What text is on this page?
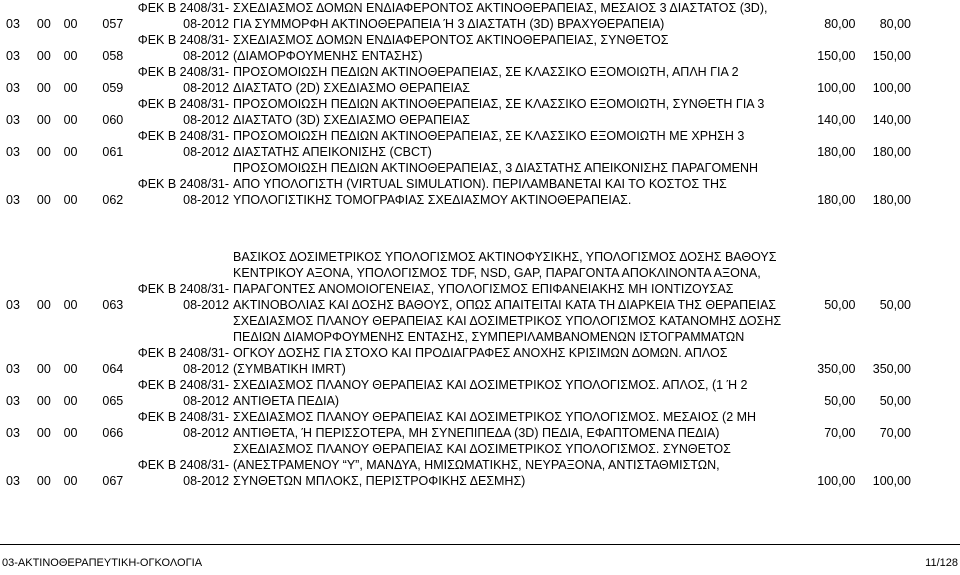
03	00	00	057	ΦΕΚ Β 2408/31-
08-2012	ΣΧΕΔΙΑΣΜΟΣ ΔΟΜΩΝ ΕΝΔΙΑΦΕΡΟΝΤΟΣ ΑΚΤΙΝΟΘΕΡΑΠΕΙΑΣ, ΜΕΣΑΙΟΣ 3 ΔΙΑΣΤΑΤΟΣ (3D), ΓΙΑ ΣΥΜΜΟΡΦΗ ΑΚΤΙΝΟΘΕΡΑΠΕΙΑ Ή 3 ΔΙΑΣΤΑΤΗ (3D) ΒΡΑΧΥΘΕΡΑΠΕΙΑ)	80,00	80,00
03	00	00	058	ΦΕΚ Β 2408/31-
08-2012	ΣΧΕΔΙΑΣΜΟΣ ΔΟΜΩΝ ΕΝΔΙΑΦΕΡΟΝΤΟΣ ΑΚΤΙΝΟΘΕΡΑΠΕΙΑΣ, ΣΥΝΘΕΤΟΣ (ΔΙΑΜΟΡΦΟΥΜΕΝΗΣ ΕΝΤΑΣΗΣ)	150,00	150,00
03	00	00	059	ΦΕΚ Β 2408/31-
08-2012	ΠΡΟΣΟΜΟΙΩΣΗ ΠΕΔΙΩΝ ΑΚΤΙΝΟΘΕΡΑΠΕΙΑΣ, ΣΕ ΚΛΑΣΣΙΚΟ ΕΞΟΜΟΙΩΤΗ, ΑΠΛΗ ΓΙΑ 2 ΔΙΑΣΤΑΤΟ (2D) ΣΧΕΔΙΑΣΜΟ ΘΕΡΑΠΕΙΑΣ	100,00	100,00
03	00	00	060	ΦΕΚ Β 2408/31-
08-2012	ΠΡΟΣΟΜΟΙΩΣΗ ΠΕΔΙΩΝ ΑΚΤΙΝΟΘΕΡΑΠΕΙΑΣ, ΣΕ ΚΛΑΣΣΙΚΟ ΕΞΟΜΟΙΩΤΗ, ΣΥΝΘΕΤΗ ΓΙΑ 3 ΔΙΑΣΤΑΤΟ (3D) ΣΧΕΔΙΑΣΜΟ ΘΕΡΑΠΕΙΑΣ	140,00	140,00
03	00	00	061	ΦΕΚ Β 2408/31-
08-2012	ΠΡΟΣΟΜΟΙΩΣΗ ΠΕΔΙΩΝ ΑΚΤΙΝΟΘΕΡΑΠΕΙΑΣ, ΣΕ ΚΛΑΣΣΙΚΟ ΕΞΟΜΟΙΩΤΗ ΜΕ ΧΡΗΣΗ 3 ΔΙΑΣΤΑΤΗΣ ΑΠΕΙΚΟΝΙΣΗΣ (CBCT)	180,00	180,00
03	00	00	062	ΦΕΚ Β 2408/31-
08-2012	ΠΡΟΣΟΜΟΙΩΣΗ ΠΕΔΙΩΝ ΑΚΤΙΝΟΘΕΡΑΠΕΙΑΣ, 3 ΔΙΑΣΤΑΤΗΣ ΑΠΕΙΚΟΝΙΣΗΣ ΠΑΡΑΓΟΜΕΝΗ ΑΠΟ ΥΠΟΛΟΓΙΣΤΗ (VIRTUAL SIMULATION). ΠΕΡΙΛΑΜΒΑΝΕΤΑΙ ΚΑΙ ΤΟ ΚΟΣΤΟΣ ΤΗΣ ΥΠΟΛΟΓΙΣΤΙΚΗΣ ΤΟΜΟΓΡΑΦΙΑΣ ΣΧΕΔΙΑΣΜΟΥ ΑΚΤΙΝΟΘΕΡΑΠΕΙΑΣ.	180,00	180,00
03	00	00	063	ΦΕΚ Β 2408/31-
08-2012	ΒΑΣΙΚΟΣ ΔΟΣΙΜΕΤΡΙΚΟΣ ΥΠΟΛΟΓΙΣΜΟΣ ΑΚΤΙΝΟΦΥΣΙΚΗΣ, ΥΠΟΛΟΓΙΣΜΟΣ ΔΟΣΗΣ ΒΑΘΟΥΣ ΚΕΝΤΡΙΚΟΥ ΑΞΟΝΑ, ΥΠΟΛΟΓΙΣΜΟΣ TDF, NSD, GAP, ΠΑΡΑΓΟΝΤΑ ΑΠΟΚΛΙΝΟΝΤΑ ΑΞΟΝΑ, ΠΑΡΑΓΟΝΤΕΣ ΑΝΟΜΟΙΟΓΕΝΕΙΑΣ, ΥΠΟΛΟΓΙΣΜΟΣ ΕΠΙΦΑΝΕΙΑΚΗΣ ΜΗ ΙΟΝΤΙΖΟΥΣΑΣ ΑΚΤΙΝΟΒΟΛΙΑΣ ΚΑΙ ΔΟΣΗΣ ΒΑΘΟΥΣ, ΟΠΩΣ ΑΠΑΙΤΕΙΤΑΙ ΚΑΤΑ ΤΗ ΔΙΑΡΚΕΙΑ ΤΗΣ ΘΕΡΑΠΕΙΑΣ	50,00	50,00
03	00	00	064	ΦΕΚ Β 2408/31-
08-2012	ΣΧΕΔΙΑΣΜΟΣ ΠΛΑΝΟΥ ΘΕΡΑΠΕΙΑΣ ΚΑΙ ΔΟΣΙΜΕΤΡΙΚΟΣ ΥΠΟΛΟΓΙΣΜΟΣ ΚΑΤΑΝΟΜΗΣ ΔΟΣΗΣ ΠΕΔΙΩΝ ΔΙΑΜΟΡΦΟΥΜΕΝΗΣ ΕΝΤΑΣΗΣ, ΣΥΜΠΕΡΙΛΑΜΒΑΝΟΜΕΝΩΝ ΙΣΤΟΓΡΑΜΜΑΤΩΝ ΟΓΚΟΥ ΔΟΣΗΣ ΓΙΑ ΣΤΟΧΟ ΚΑΙ ΠΡΟΔΙΑΓΡΑΦΕΣ ΑΝΟΧΗΣ ΚΡΙΣΙΜΩΝ ΔΟΜΩΝ. ΑΠΛΟΣ (ΣΥΜΒΑΤΙΚΗ IMRT)	350,00	350,00
03	00	00	065	ΦΕΚ Β 2408/31-
08-2012	ΣΧΕΔΙΑΣΜΟΣ ΠΛΑΝΟΥ ΘΕΡΑΠΕΙΑΣ ΚΑΙ ΔΟΣΙΜΕΤΡΙΚΟΣ ΥΠΟΛΟΓΙΣΜΟΣ. ΑΠΛΟΣ, (1 Ή 2 ΑΝΤΙΘΕΤΑ ΠΕΔΙΑ)	50,00	50,00
03	00	00	066	ΦΕΚ Β 2408/31-
08-2012	ΣΧΕΔΙΑΣΜΟΣ ΠΛΑΝΟΥ ΘΕΡΑΠΕΙΑΣ ΚΑΙ ΔΟΣΙΜΕΤΡΙΚΟΣ ΥΠΟΛΟΓΙΣΜΟΣ. ΜΕΣΑΙΟΣ (2 ΜΗ ΑΝΤΙΘΕΤΑ, Ή ΠΕΡΙΣΣΟΤΕΡΑ, ΜΗ ΣΥΝΕΠΙΠΕΔΑ (3D) ΠΕΔΙΑ, ΕΦΑΠΤΟΜΕΝΑ ΠΕΔΙΑ)	70,00	70,00
03	00	00	067	ΦΕΚ Β 2408/31-
08-2012	ΣΧΕΔΙΑΣΜΟΣ ΠΛΑΝΟΥ ΘΕΡΑΠΕΙΑΣ ΚΑΙ ΔΟΣΙΜΕΤΡΙΚΟΣ ΥΠΟΛΟΓΙΣΜΟΣ. ΣΥΝΘΕΤΟΣ (ΑΝΕΣΤΡΑΜΕΝΟΥ “Υ”, ΜΑΝΔΥΑ, ΗΜΙΣΩΜΑΤΙΚΗΣ, ΝΕΥΡΑΞΟΝΑ, ΑΝΤΙΣΤΑΘΜΙΣΤΩΝ, ΣΥΝΘΕΤΩΝ ΜΠΛΟΚΣ, ΠΕΡΙΣΤΡΟΦΙΚΗΣ ΔΕΣΜΗΣ)	100,00	100,00
03-ΑΚΤΙΝΟΘΕΡΑΠΕΥΤΙΚΗ-ΟΓΚΟΛΟΓΙΑ	11/128
